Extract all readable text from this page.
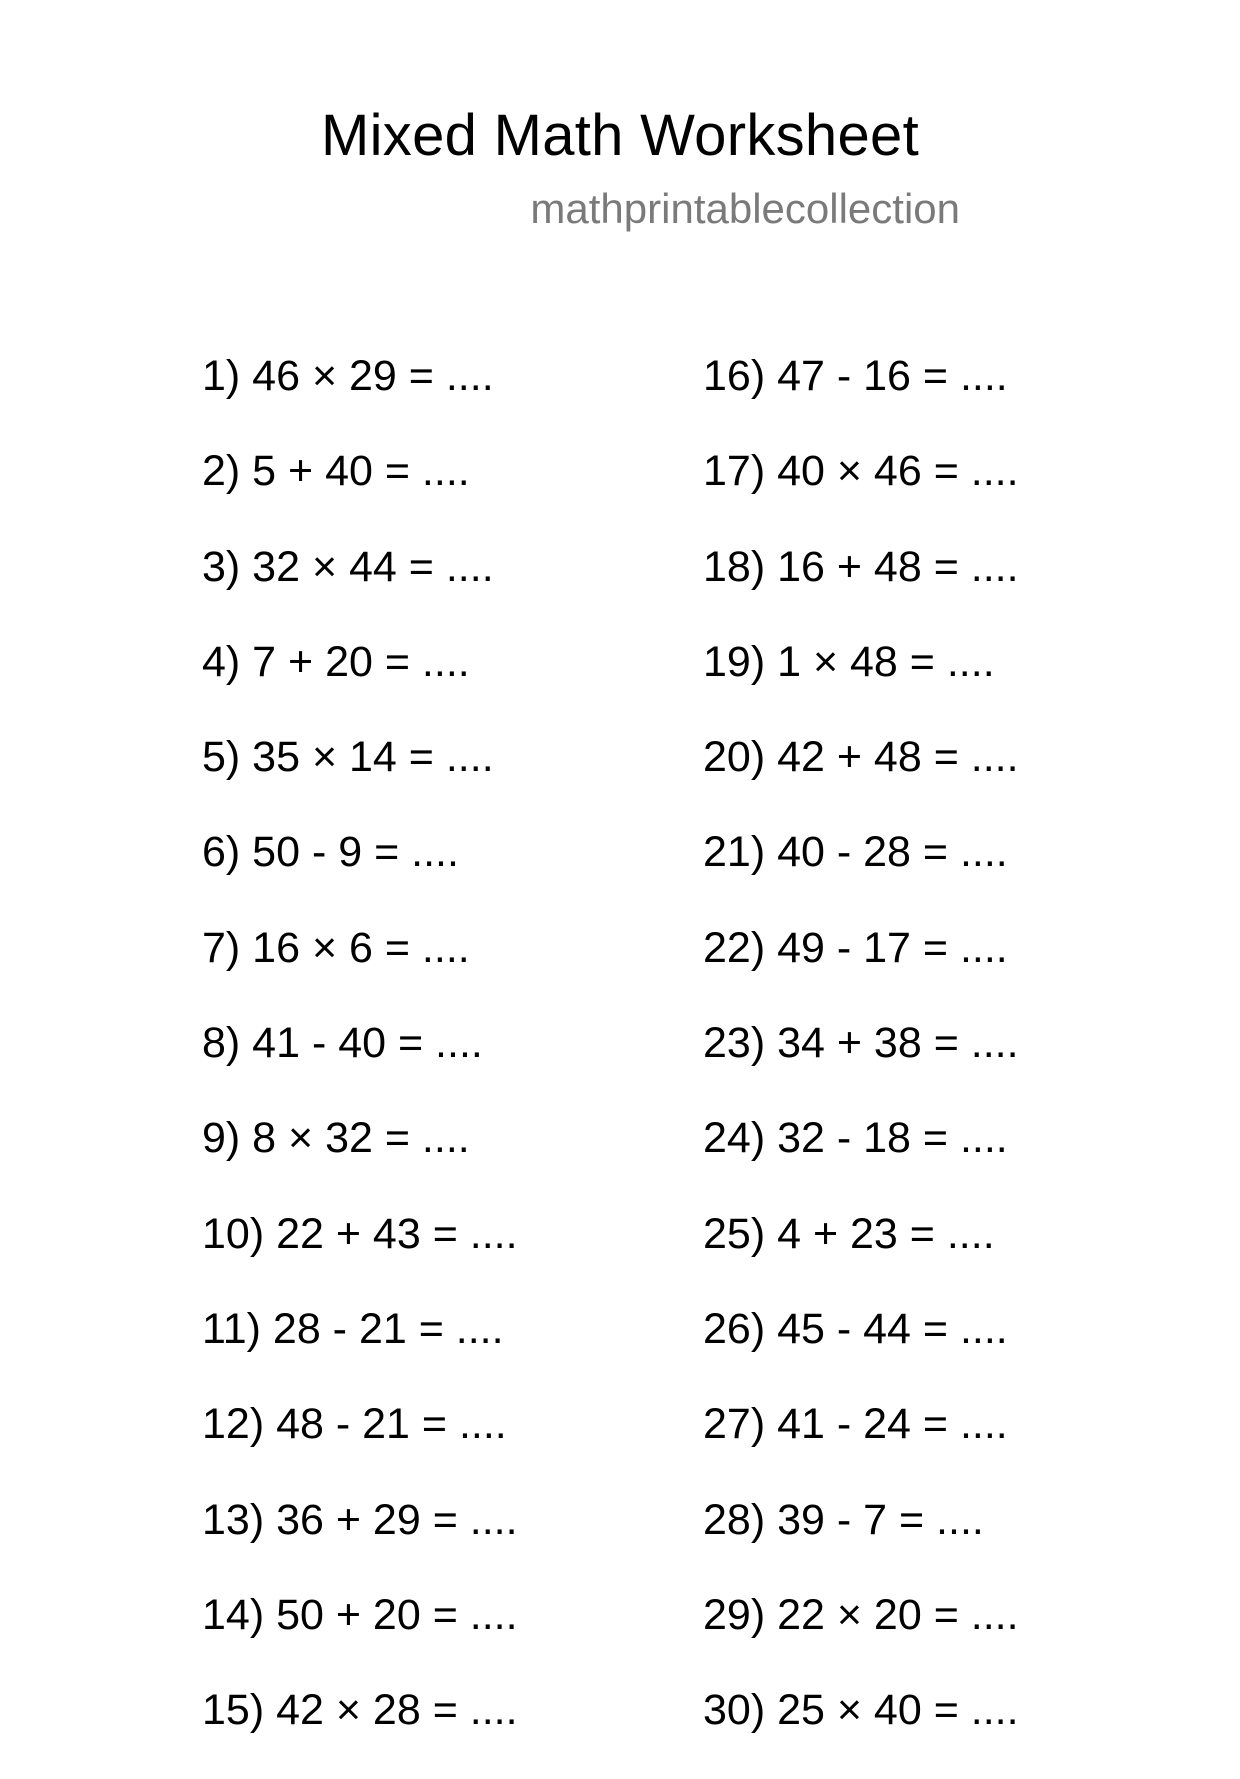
Mixed Math Worksheet

mathprintablecollection

1) 46 × 29 = ....
2) 5 + 40 = ....
3) 32 × 44 = ....
4) 7 + 20 = ....
5) 35 × 14 = ....
6) 50 - 9 = ....
7) 16 × 6 = ....
8) 41 - 40 = ....
9) 8 × 32 = ....
10) 22 + 43 = ....
11) 28 - 21 = ....
12) 48 - 21 = ....
13) 36 + 29 = ....
14) 50 + 20 = ....
15) 42 × 28 = ....
16) 47 - 16 = ....
17) 40 × 46 = ....
18) 16 + 48 = ....
19) 1 × 48 = ....
20) 42 + 48 = ....
21) 40 - 28 = ....
22) 49 - 17 = ....
23) 34 + 38 = ....
24) 32 - 18 = ....
25) 4 + 23 = ....
26) 45 - 44 = ....
27) 41 - 24 = ....
28) 39 - 7 = ....
29) 22 × 20 = ....
30) 25 × 40 = ....
